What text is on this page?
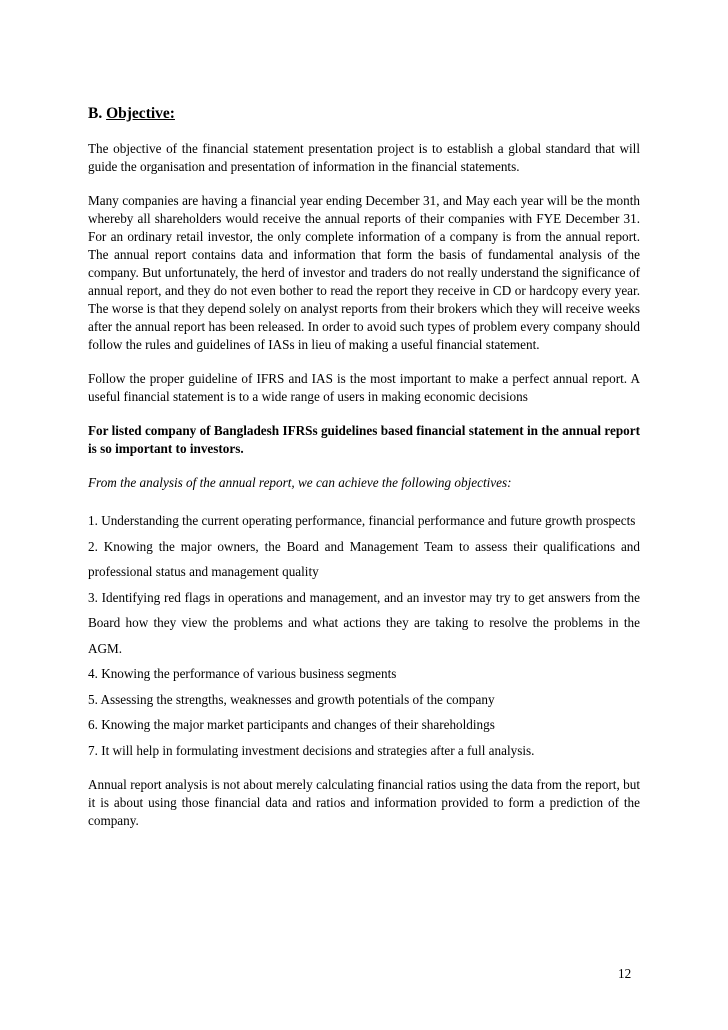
B. Objective:

The objective of the financial statement presentation project is to establish a global standard that will guide the organisation and presentation of information in the financial statements.

Many companies are having a financial year ending December 31, and May each year will be the month whereby all shareholders would receive the annual reports of their companies with FYE December 31. For an ordinary retail investor, the only complete information of a company is from the annual report. The annual report contains data and information that form the basis of fundamental analysis of the company. But unfortunately, the herd of investor and traders do not really understand the significance of annual report, and they do not even bother to read the report they receive in CD or hardcopy every year. The worse is that they depend solely on analyst reports from their brokers which they will receive weeks after the annual report has been released. In order to avoid such types of problem every company should follow the rules and guidelines of IASs in lieu of making a useful financial statement.

Follow the proper guideline of IFRS and IAS is the most important to make a perfect annual report. A useful financial statement is to a wide range of users in making economic decisions

For listed company of Bangladesh IFRSs guidelines based financial statement in the annual report is so important to investors.

From the analysis of the annual report, we can achieve the following objectives:

1. Understanding the current operating performance, financial performance and future growth prospects
2. Knowing the major owners, the Board and Management Team to assess their qualifications and professional status and management quality
3. Identifying red flags in operations and management, and an investor may try to get answers from the Board how they view the problems and what actions they are taking to resolve the problems in the AGM.
4. Knowing the performance of various business segments
5. Assessing the strengths, weaknesses and growth potentials of the company
6. Knowing the major market participants and changes of their shareholdings
7. It will help in formulating investment decisions and strategies after a full analysis.

Annual report analysis is not about merely calculating financial ratios using the data from the report, but it is about using those financial data and ratios and information provided to form a prediction of the company.

12
